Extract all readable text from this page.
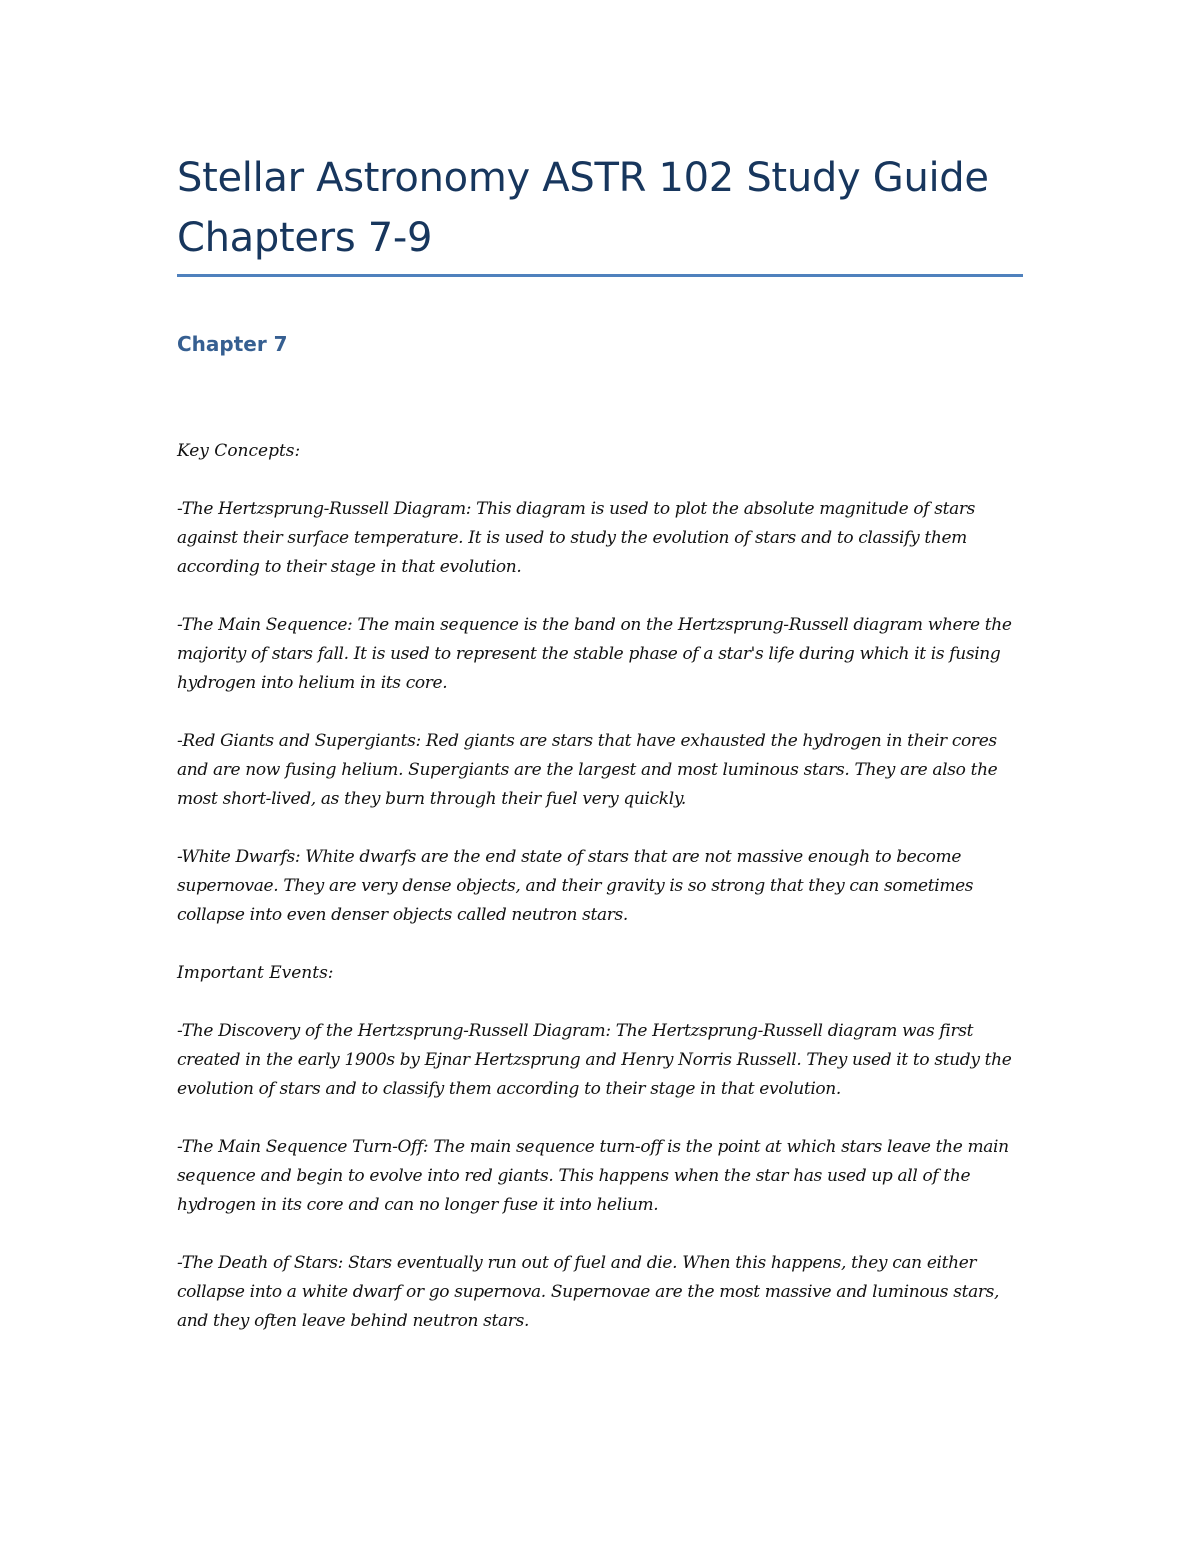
Stellar Astronomy ASTR 102 Study Guide Chapters 7-9
Chapter 7

Key Concepts:

-The Hertzsprung-Russell Diagram: This diagram is used to plot the absolute magnitude of stars against their surface temperature. It is used to study the evolution of stars and to classify them according to their stage in that evolution.

-The Main Sequence: The main sequence is the band on the Hertzsprung-Russell diagram where the majority of stars fall. It is used to represent the stable phase of a star's life during which it is fusing hydrogen into helium in its core.

-Red Giants and Supergiants: Red giants are stars that have exhausted the hydrogen in their cores and are now fusing helium. Supergiants are the largest and most luminous stars. They are also the most short-lived, as they burn through their fuel very quickly.

-White Dwarfs: White dwarfs are the end state of stars that are not massive enough to become supernovae. They are very dense objects, and their gravity is so strong that they can sometimes collapse into even denser objects called neutron stars.

Important Events:

-The Discovery of the Hertzsprung-Russell Diagram: The Hertzsprung-Russell diagram was first created in the early 1900s by Ejnar Hertzsprung and Henry Norris Russell. They used it to study the evolution of stars and to classify them according to their stage in that evolution.

-The Main Sequence Turn-Off: The main sequence turn-off is the point at which stars leave the main sequence and begin to evolve into red giants. This happens when the star has used up all of the hydrogen in its core and can no longer fuse it into helium.

-The Death of Stars: Stars eventually run out of fuel and die. When this happens, they can either collapse into a white dwarf or go supernova. Supernovae are the most massive and luminous stars, and they often leave behind neutron stars.
